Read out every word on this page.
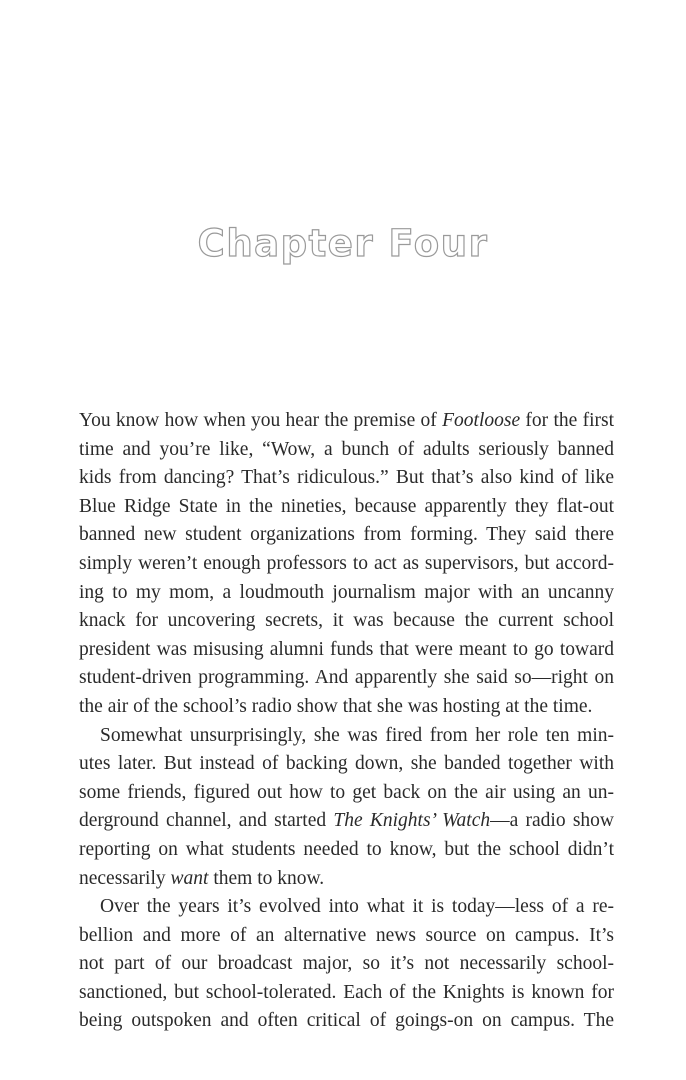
Chapter Four
You know how when you hear the premise of Footloose for the first
time and you’re like, “Wow, a bunch of adults seriously banned
kids from dancing? That’s ridiculous.” But that’s also kind of like
Blue Ridge State in the nineties, because apparently they flat-out
banned new student organizations from forming. They said there
simply weren’t enough professors to act as supervisors, but accord-
ing to my mom, a loudmouth journalism major with an uncanny
knack for uncovering secrets, it was because the current school
president was misusing alumni funds that were meant to go toward
student-driven programming. And apparently she said so—right on
the air of the school’s radio show that she was hosting at the time.
Somewhat unsurprisingly, she was fired from her role ten min-
utes later. But instead of backing down, she banded together with
some friends, figured out how to get back on the air using an un-
derground channel, and started The Knights’ Watch—a radio show
reporting on what students needed to know, but the school didn’t
necessarily want them to know.
Over the years it’s evolved into what it is today—less of a re-
bellion and more of an alternative news source on campus. It’s
not part of our broadcast major, so it’s not necessarily school-
sanctioned, but school-tolerated. Each of the Knights is known for
being outspoken and often critical of goings-on on campus. The
